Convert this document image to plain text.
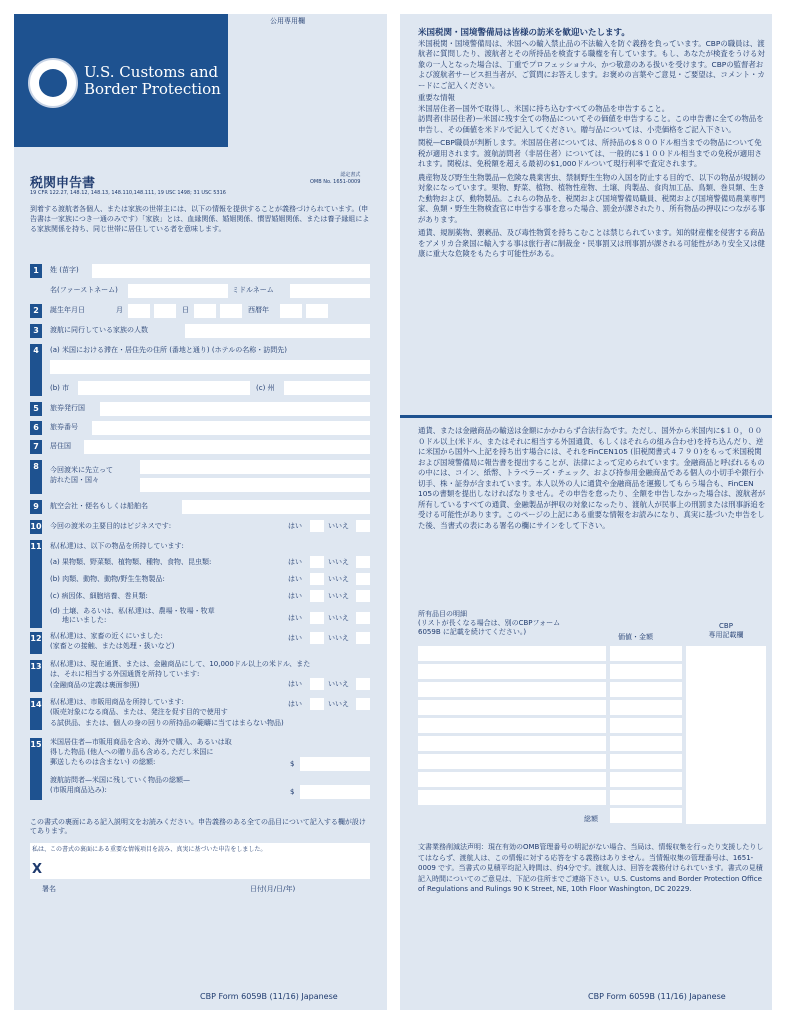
U.S. Customs and
Border Protection
公用専用欄
税関申告書
認定書式
OMB No. 1651-0009
19 CFR 122.27, 148.12, 148.13, 148.110,148.111, 19 USC 1498; 31 USC 5316
到着する渡航者各個人、または家族の世帯主には、以下の情報を提供することが義務づけられています。(申告書は一家族につき一通のみです）「家族」とは、血縁関係、婚姻関係、慣習婚姻関係、または養子縁組による家族関係を持ち、同じ世帯に居住している者を意味します。
1	姓 (苗字)
名(ファーストネーム)	ミドルネーム
2	誕生年月日	月	日	西暦年
3	渡航に同行している家族の人数
4	(a) 米国における滞在・居住先の住所 (番地と通り) (ホテルの名称・訪問先)
(b) 市	(c) 州
5	旅券発行国
6	旅券番号
7	居住国
8	今回渡米に先立って
訪れた国・国々
9	航空会社・便名もしくは船舶名
10 今回の渡米の主要目的はビジネスです:	はい	いいえ
11 私(私達)は、以下の物品を所持しています:
(a) 果物類、野菜類、植物類、種物、食物、昆虫類:	はい	いいえ
(b) 肉類、動物、動物/野生生物製品:	はい	いいえ
(c) 病因体、細胞培養、巻貝類:	はい	いいえ
(d) 土壌、あるいは、私(私達)は、農場・牧場・牧草
地にいました:	はい	いいえ
12 私(私達)は、家畜の近くにいました:
(家畜との接触、または処理・扱いなど)
はい	いいえ
13 私(私達)は、現在通貨、または、金融商品にして、10,000ドル以上の米ドル、また
は、それに相当する外国通貨を所持しています:
(金融商品の定義は裏面参照)	はい	いいえ
14 私(私達)は、市販用商品を所持しています:
(販売対象になる商品、または、発注を促す目的で使用す
る試供品、または、個人の身の回りの所持品の範疇に当てはまらない物品)
はい	いいえ
15 米国居住者—市販用商品を含め、海外で購入、あるいは取
得した物品 (他人への贈り品も含める, ただし米国に
郵送したものは含まない) の総額:	$
渡航訪問者—米国に残していく物品の総額—
(市販用商品込み):	$
この書式の裏面にある記入説明文をお読みください。申告義務のある全ての品目について記入する欄が設けてあります。
私は、この書式の裏面にある重要な情報項目を読み、真実に基づいた申告をしました。
X
署名	日付(月/日/年)
CBP Form 6059B (11/16) Japanese
米国税関・国境警備局は皆様の訪米を歓迎いたします。
米国税関・国境警備局は、米国への輸入禁止品の不法輸入を防ぐ義務を負っています。CBPの職員は、渡航者に質問したり、渡航者とその所持品を検査する職権を有しています。もし、あなたが検査をうける対象の一人となった場合は、丁重でプロフェッショナル、かつ敬意のある扱いを受けます。CBPの監督者および渡航者サービス担当者が、ご質問にお答えします。お褒めの言葉やご意見・ご要望は、コメント・カードにご記入ください。
重要な情報
米国居住者—国外で取得し、米国に持ち込むすべての物品を申告すること。
訪問者(非居住者)—米国に残す全ての物品についてその価値を申告すること。この申告書に全ての物品を申告し、その価値を米ドルで記入してください。贈与品については、小売価格をご記入下さい。
関税—CBP職員が判断します。米国居住者については、所持品の$８００ドル相当までの物品について免税が適用されます。渡航訪問者（非居住者）については、一般的に$１００ドル相当までの免税が適用されます。関税は、免税額を超える最初の$1,000ドルついて現行利率で査定されます。
農産物及び野生生物製品—危険な農業害虫、禁制野生生物の入国を防止する目的で、以下の物品が規制の対象になっています。果物、野菜、植物、植物性産物、土壌、肉製品、食肉加工品、鳥類、巻貝類、生きた動物および、動物製品。これらの物品を、税関および国境警備局職員、税関および国境警備局農業専門家、魚類・野生生物検査官に申告する事を怠った場合、罰金が課されたり、所有物品の押収につながる事があります。
通貨、規制薬物、猥褻品、及び毒性物質を持ちこむことは禁じられています。知的財産権を侵害する商品をアメリカ合衆国に輸入する事は旅行者に制裁金・民事罰又は刑事罰が課される可能性があり安全又は健康に重大な危険をもたらす可能性がある。
通貨、または金融商品の輸送は金額にかかわらず合法行為です。ただし、国外から米国内に$１０，０００ドル以上(米ドル、またはそれに相当する外国通貨、もしくはそれらの組み合わせ)を持ち込んだり、逆に米国から国外へ上記を持ち出す場合には、それをFinCEN105 (旧税関書式４７９０)をもって米国税関および国境警備局に報告書を提出することが、法律によって定められています。金融商品と呼ばれるものの中には、コイン、紙幣、トラベラーズ・チェック、および持参用金融商品である個人の小切手や銀行小切手、株・証券が含まれています。本人以外の人に通貨や金融商品を運搬してもらう場合も、FinCEN 105の書類を提出しなければなりません。その申告を怠ったり、全額を申告しなかった場合は、渡航者が所有しているすべての通貨、金融製品が押収の対象になったり、渡航人が民事上の刑罰または刑事訴追を受ける可能性があります。このページの上記にある重要な情報をお読みになり、真実に基づいた申告をした後、当書式の表にある署名の欄にサインをして下さい。
所有品目の明細
(リストが長くなる場合は、別のCBPフォーム
6059B に記載を続けてください。)
価値・金額
CBP
専用記載欄
総額
文書業務削減法声明：現在有効のOMB管理番号の明記がない場合、当局は、情報収集を行ったり支援したりしてはならず、渡航人は、この情報に対する応答をする義務はありません。当情報収集の管理番号は、1651-0009 です。当書式の見積平均記入時間は、約4分です。渡航人は、回答を義務付けられています。書式の見積記入時間についてのご意見は、下記の住所までご連絡下さい。U.S. Customs and Border Protection Office of Regulations and Rulings 90 K Street, NE, 10th Floor Washington, DC 20229.
CBP Form 6059B (11/16) Japanese
